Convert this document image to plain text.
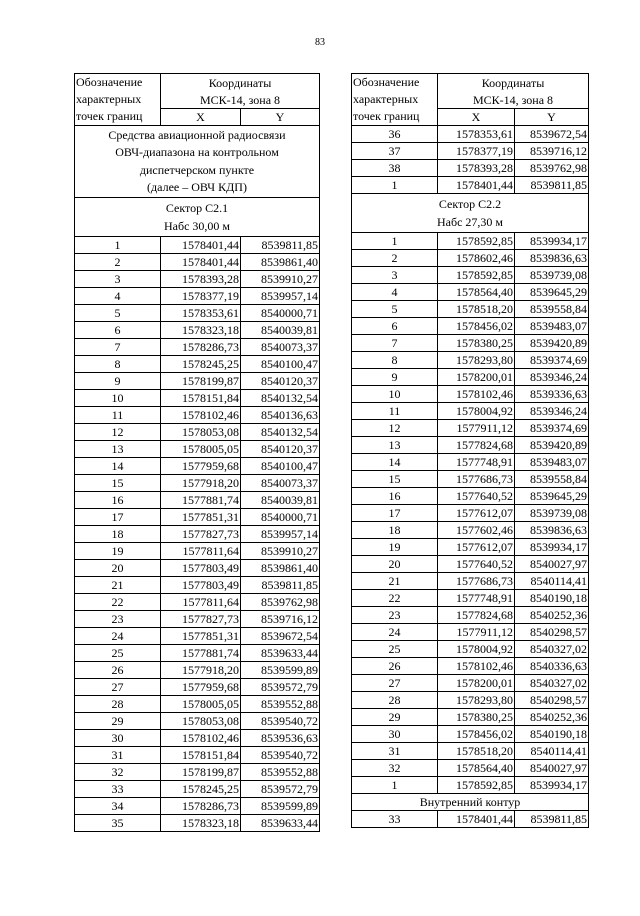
83
Обозначение
характерных
точек границ	Координаты	
	МСК-14, зона 8	
	X	Y

Средства авиационной радиосвязи
ОВЧ-диапазона на контрольном
диспетчерском пункте
(далее – ОВЧ КДП)		

Сектор С2.1
Набс 30,00 м		

1	1578401,44	8539811,85
2	1578401,44	8539861,40
3	1578393,28	8539910,27
4	1578377,19	8539957,14
5	1578353,61	8540000,71
6	1578323,18	8540039,81
7	1578286,73	8540073,37
8	1578245,25	8540100,47
9	1578199,87	8540120,37
10	1578151,84	8540132,54
11	1578102,46	8540136,63
12	1578053,08	8540132,54
13	1578005,05	8540120,37
14	1577959,68	8540100,47
15	1577918,20	8540073,37
16	1577881,74	8540039,81
17	1577851,31	8540000,71
18	1577827,73	8539957,14
19	1577811,64	8539910,27
20	1577803,49	8539861,40
21	1577803,49	8539811,85
22	1577811,64	8539762,98
23	1577827,73	8539716,12
24	1577851,31	8539672,54
25	1577881,74	8539633,44
26	1577918,20	8539599,89
27	1577959,68	8539572,79
28	1578005,05	8539552,88
29	1578053,08	8539540,72
30	1578102,46	8539536,63
31	1578151,84	8539540,72
32	1578199,87	8539552,88
33	1578245,25	8539572,79
34	1578286,73	8539599,89
35	1578323,18	8539633,44
Обозначение
характерных
точек границ	Координаты	
	МСК-14, зона 8	
	X	Y
36	1578353,61	8539672,54
37	1578377,19	8539716,12
38	1578393,28	8539762,98
1	1578401,44	8539811,85

Сектор С2.2
Набс 27,30 м		

1	1578592,85	8539934,17
2	1578602,46	8539836,63
3	1578592,85	8539739,08
4	1578564,40	8539645,29
5	1578518,20	8539558,84
6	1578456,02	8539483,07
7	1578380,25	8539420,89
8	1578293,80	8539374,69
9	1578200,01	8539346,24
10	1578102,46	8539336,63
11	1578004,92	8539346,24
12	1577911,12	8539374,69
13	1577824,68	8539420,89
14	1577748,91	8539483,07
15	1577686,73	8539558,84
16	1577640,52	8539645,29
17	1577612,07	8539739,08
18	1577602,46	8539836,63
19	1577612,07	8539934,17
20	1577640,52	8540027,97
21	1577686,73	8540114,41
22	1577748,91	8540190,18
23	1577824,68	8540252,36
24	1577911,12	8540298,57
25	1578004,92	8540327,02
26	1578102,46	8540336,63
27	1578200,01	8540327,02
28	1578293,80	8540298,57
29	1578380,25	8540252,36
30	1578456,02	8540190,18
31	1578518,20	8540114,41
32	1578564,40	8540027,97
1	1578592,85	8539934,17
Внутренний контур		
33	1578401,44	8539811,85
